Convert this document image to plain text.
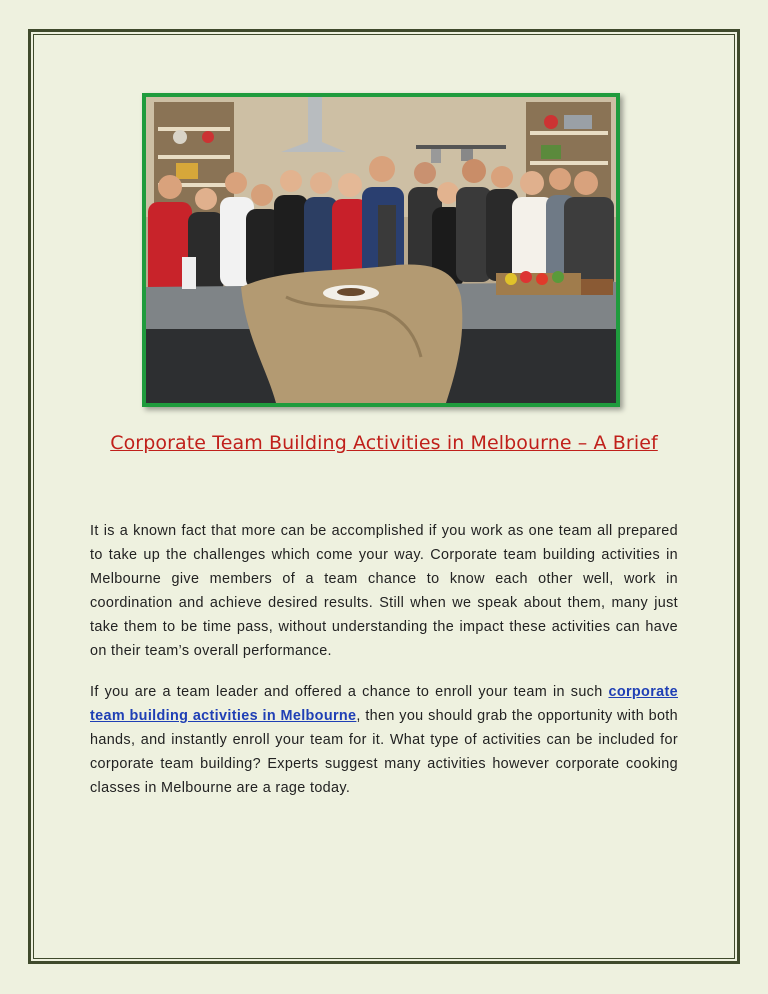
Corporate Team Building Activities in Melbourne – A Brief

It is a known fact that more can be accomplished if you work as one team all prepared to take up the challenges which come your way. Corporate team building activities in Melbourne give members of a team chance to know each other well, work in coordination and achieve desired results. Still when we speak about them, many just take them to be time pass, without understanding the impact these activities can have on their team’s overall performance.

If you are a team leader and offered a chance to enroll your team in such corporate team building activities in Melbourne, then you should grab the opportunity with both hands, and instantly enroll your team for it. What type of activities can be included for corporate team building? Experts suggest many activities however corporate cooking classes in Melbourne are a rage today.
